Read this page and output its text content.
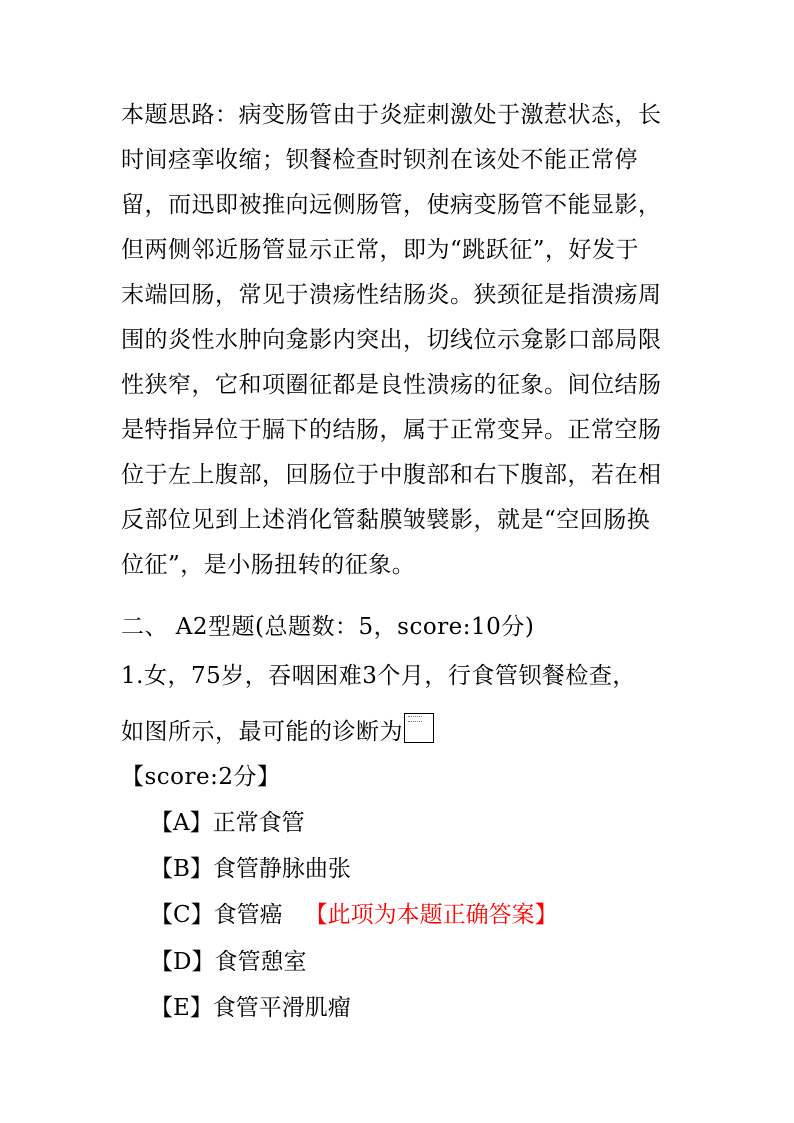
本题思路：病变肠管由于炎症刺激处于激惹状态，长
时间痉挛收缩；钡餐检查时钡剂在该处不能正常停
留，而迅即被推向远侧肠管，使病变肠管不能显影，
但两侧邻近肠管显示正常，即为“跳跃征”，好发于
末端回肠，常见于溃疡性结肠炎。狭颈征是指溃疡周
围的炎性水肿向龛影内突出，切线位示龛影口部局限
性狭窄，它和项圈征都是良性溃疡的征象。间位结肠
是特指异位于膈下的结肠，属于正常变异。正常空肠
位于左上腹部，回肠位于中腹部和右下腹部，若在相
反部位见到上述消化管黏膜皱襞影，就是“空回肠换
位征”，是小肠扭转的征象。
二、 A2型题(总题数：5，score:10分)
1.女，75岁，吞咽困难3个月，行食管钡餐检查，
如图所示，最可能的诊断为
【score:2分】
【A】正常食管
【B】食管静脉曲张
【C】食管癌 【此项为本题正确答案】
【D】食管憩室
【E】食管平滑肌瘤
